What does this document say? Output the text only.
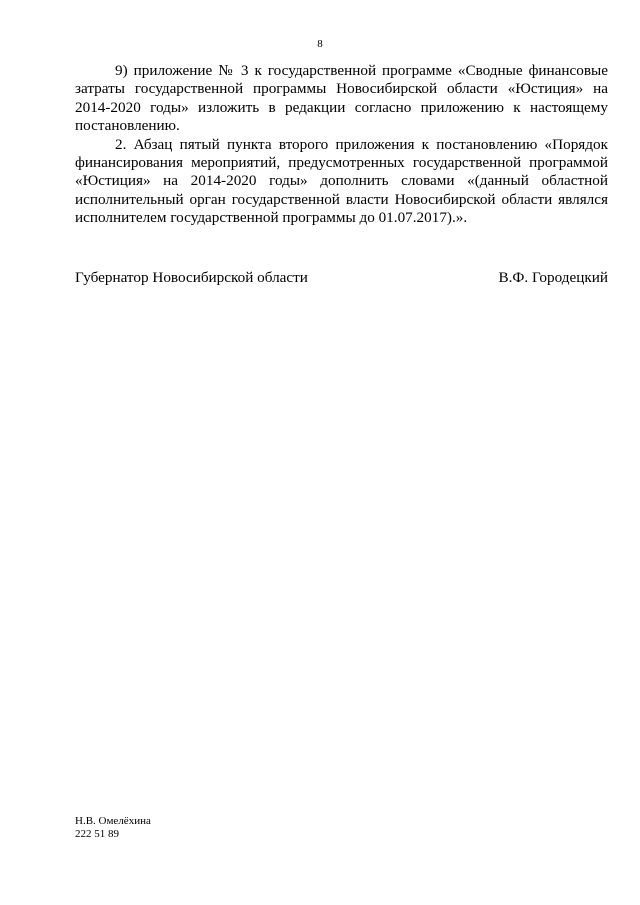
8

9) приложение № 3 к государственной программе «Сводные финансовые затраты государственной программы Новосибирской области «Юстиция» на 2014-2020 годы» изложить в редакции согласно приложению к настоящему постановлению.

2. Абзац пятый пункта второго приложения к постановлению «Порядок финансирования мероприятий, предусмотренных государственной программой «Юстиция» на 2014-2020 годы» дополнить словами «(данный областной исполнительный орган государственной власти Новосибирской области являлся исполнителем государственной программы до 01.07.2017).».

Губернатор Новосибирской области	В.Ф. Городецкий
Н.В. Омелёхина
222 51 89
